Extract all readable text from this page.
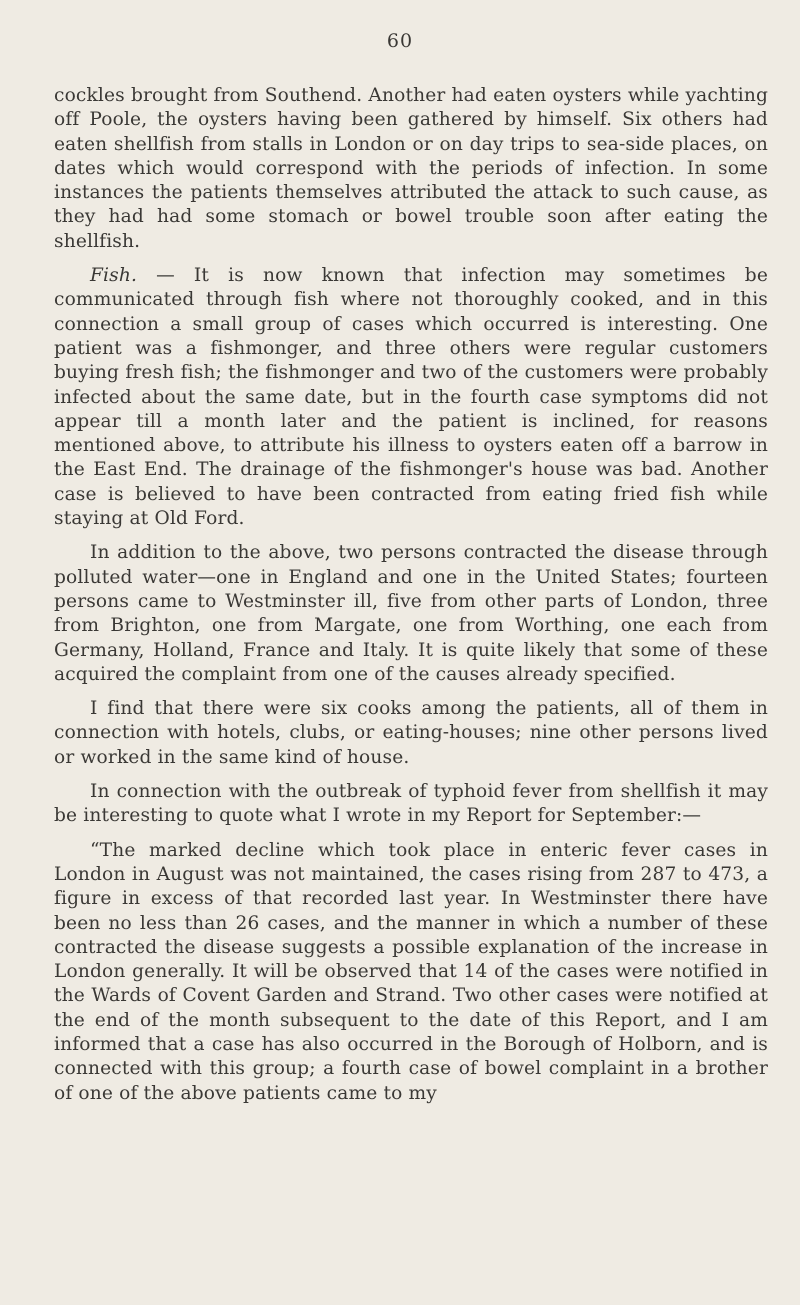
60

cockles brought from Southend. Another had eaten oysters while yachting off Poole, the oysters having been gathered by himself. Six others had eaten shellfish from stalls in London or on day trips to sea-side places, on dates which would correspond with the periods of infection. In some instances the patients themselves attributed the attack to such cause, as they had had some stomach or bowel trouble soon after eating the shellfish.

Fish. — It is now known that infection may sometimes be communicated through fish where not thoroughly cooked, and in this connection a small group of cases which occurred is interesting. One patient was a fishmonger, and three others were regular customers buying fresh fish; the fishmonger and two of the customers were probably infected about the same date, but in the fourth case symptoms did not appear till a month later and the patient is inclined, for reasons mentioned above, to attribute his illness to oysters eaten off a barrow in the East End. The drainage of the fishmonger's house was bad. Another case is believed to have been contracted from eating fried fish while staying at Old Ford.

In addition to the above, two persons contracted the disease through polluted water—one in England and one in the United States; fourteen persons came to Westminster ill, five from other parts of London, three from Brighton, one from Margate, one from Worthing, one each from Germany, Holland, France and Italy. It is quite likely that some of these acquired the complaint from one of the causes already specified.

I find that there were six cooks among the patients, all of them in connection with hotels, clubs, or eating-houses; nine other persons lived or worked in the same kind of house.

In connection with the outbreak of typhoid fever from shellfish it may be interesting to quote what I wrote in my Report for September:—

“The marked decline which took place in enteric fever cases in London in August was not maintained, the cases rising from 287 to 473, a figure in excess of that recorded last year. In Westminster there have been no less than 26 cases, and the manner in which a number of these contracted the disease suggests a possible explanation of the increase in London generally. It will be observed that 14 of the cases were notified in the Wards of Covent Garden and Strand. Two other cases were notified at the end of the month subsequent to the date of this Report, and I am informed that a case has also occurred in the Borough of Holborn, and is connected with this group; a fourth case of bowel complaint in a brother of one of the above patients came to my
